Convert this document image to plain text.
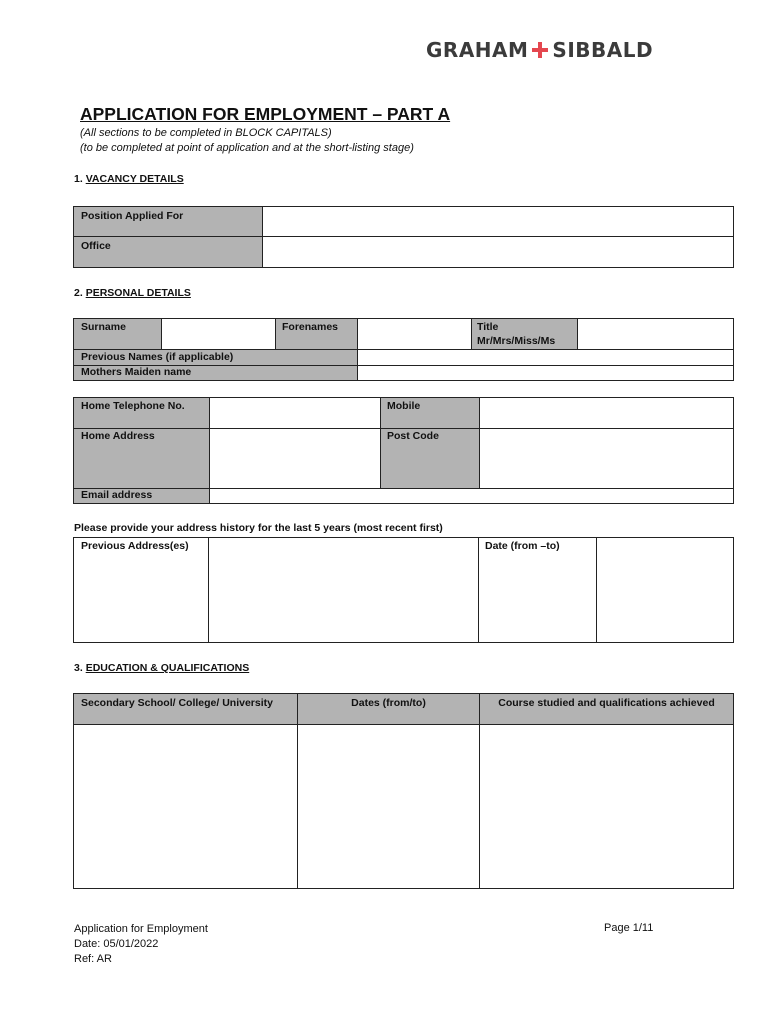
GRAHAM SIBBALD
APPLICATION FOR EMPLOYMENT – PART A
(All sections to be completed in BLOCK CAPITALS)
(to be completed at point of application and at the short-listing stage)
1. VACANCY DETAILS
Position Applied For
Office
2. PERSONAL DETAILS
Surname	Forenames	Title
Mr/Mrs/Miss/Ms
Previous Names (if applicable)
Mothers Maiden name
Home Telephone No.	Mobile
Home Address	Post Code
Email address
Please provide your address history for the last 5 years (most recent first)
Previous Address(es)	Date (from –to)
3. EDUCATION & QUALIFICATIONS
Secondary School/ College/ University	Dates (from/to)	Course studied and qualifications achieved
Application for Employment
Date: 05/01/2022
Ref: AR
Page 1/11
